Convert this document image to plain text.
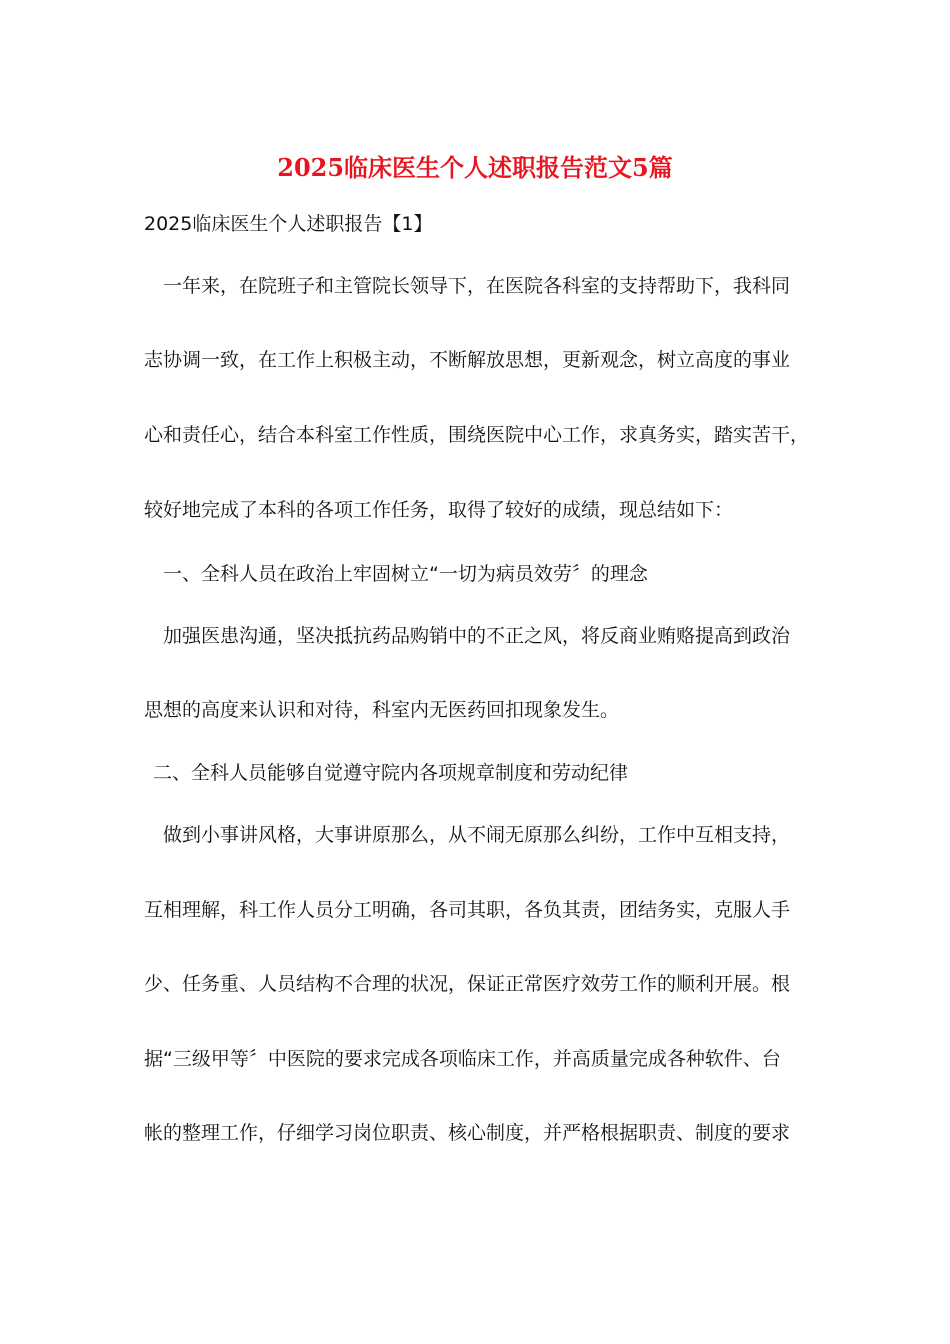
2025临床医生个人述职报告范文5篇
2025临床医生个人述职报告【1】
一年来，在院班子和主管院长领导下，在医院各科室的支持帮助下，我科同
志协调一致，在工作上积极主动，不断解放思想，更新观念，树立高度的事业
心和责任心，结合本科室工作性质，围绕医院中心工作，求真务实，踏实苦干，
较好地完成了本科的各项工作任务，取得了较好的成绩，现总结如下：
一、全科人员在政治上牢固树立“一切为病员效劳〞的理念
加强医患沟通，坚决抵抗药品购销中的不正之风，将反商业贿赂提高到政治
思想的高度来认识和对待，科室内无医药回扣现象发生。
二、全科人员能够自觉遵守院内各项规章制度和劳动纪律
做到小事讲风格，大事讲原那么，从不闹无原那么纠纷，工作中互相支持，
互相理解，科工作人员分工明确，各司其职，各负其责，团结务实，克服人手
少、任务重、人员结构不合理的状况，保证正常医疗效劳工作的顺利开展。根
据“三级甲等〞中医院的要求完成各项临床工作，并高质量完成各种软件、台
帐的整理工作，仔细学习岗位职责、核心制度，并严格根据职责、制度的要求
